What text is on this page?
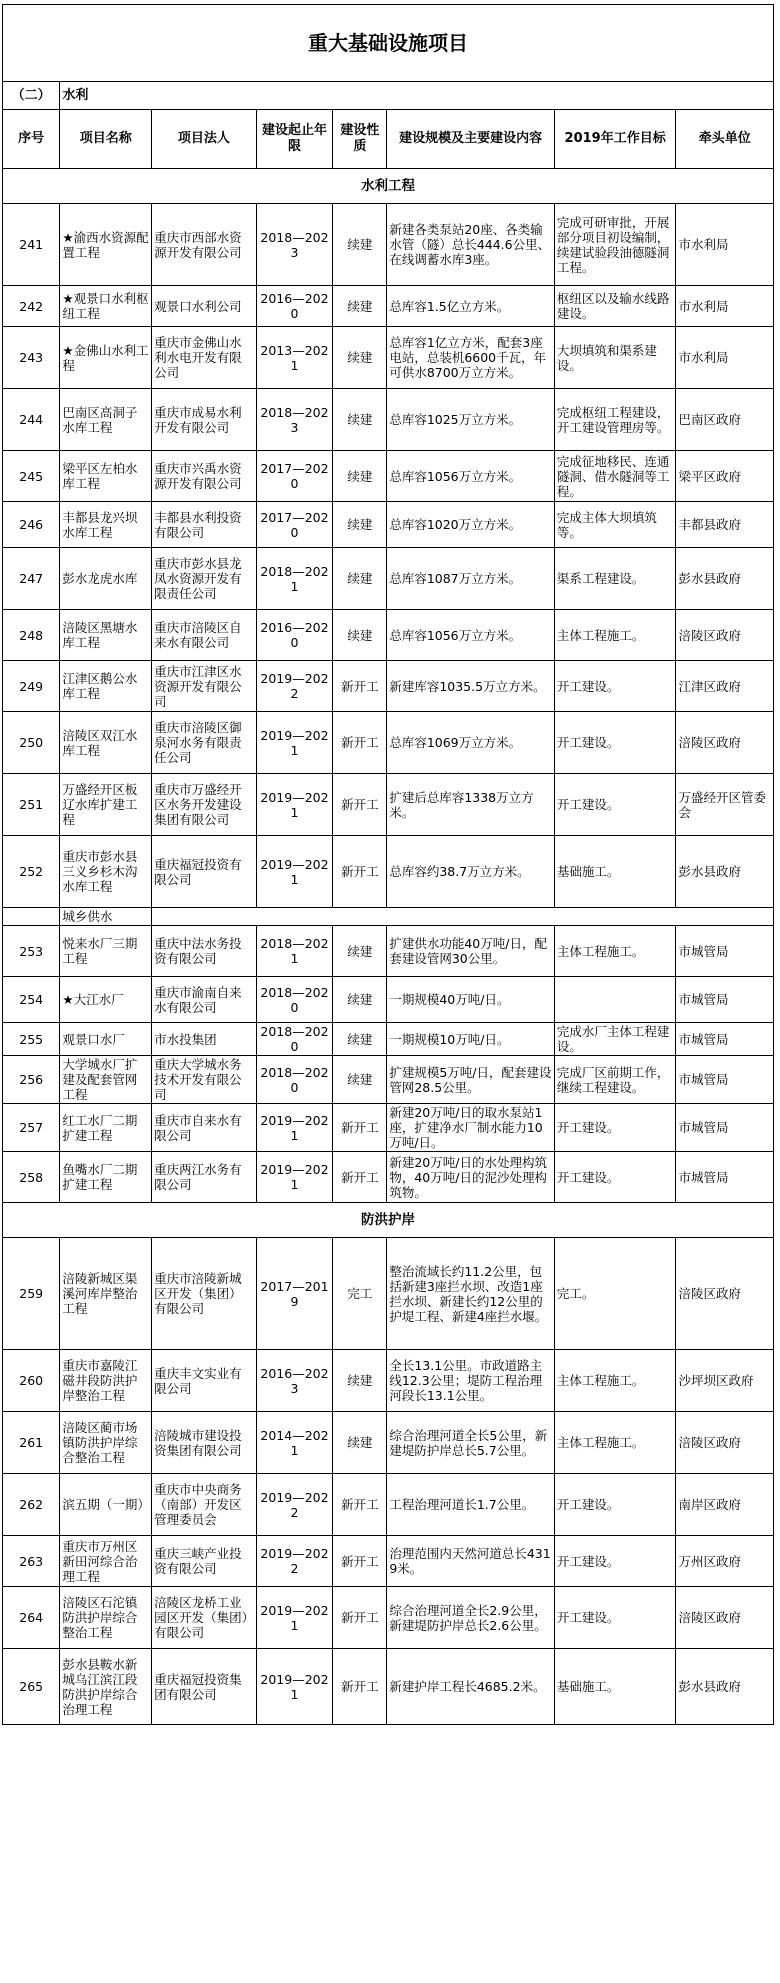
重大基础设施项目							
（二）	水利						
序号	项目名称	项目法人	建设起止年限	建设性质	建设规模及主要建设内容	2019年工作目标	牵头单位
水利工程							
241	★渝西水资源配置工程	重庆市西部水资源开发有限公司	2018—2023	续建	新建各类泵站20座、各类输水管（隧）总长444.6公里、在线调蓄水库3座。	完成可研审批，开展部分项目初设编制，续建试验段油德隧洞工程。	市水利局
242	★观景口水利枢纽工程	观景口水利公司	2016—2020	续建	总库容1.5亿立方米。	枢纽区以及输水线路建设。	市水利局
243	★金佛山水利工程	重庆市金佛山水利水电开发有限公司	2013—2021	续建	总库容1亿立方米，配套3座电站，总装机6600千瓦，年可供水8700万立方米。	大坝填筑和渠系建设。	市水利局
244	巴南区高洞子水库工程	重庆市成易水利开发有限公司	2018—2023	续建	总库容1025万立方米。	完成枢纽工程建设，开工建设管理房等。	巴南区政府
245	梁平区左柏水库工程	重庆市兴禹水资源开发有限公司	2017—2020	续建	总库容1056万立方米。	完成征地移民、连通隧洞、借水隧洞等工程。	梁平区政府
246	丰都县龙兴坝水库工程	丰都县水利投资有限公司	2017—2020	续建	总库容1020万立方米。	完成主体大坝填筑等。	丰都县政府
247	彭水龙虎水库	重庆市彭水县龙凤水资源开发有限责任公司	2018—2021	续建	总库容1087万立方米。	渠系工程建设。	彭水县政府
248	涪陵区黑塘水库工程	重庆市涪陵区自来水有限公司	2016—2020	续建	总库容1056万立方米。	主体工程施工。	涪陵区政府
249	江津区鹅公水库工程	重庆市江津区水资源开发有限公司	2019—2022	新开工	新建库容1035.5万立方米。	开工建设。	江津区政府
250	涪陵区双江水库工程	重庆市涪陵区御泉河水务有限责任公司	2019—2021	新开工	总库容1069万立方米。	开工建设。	涪陵区政府
251	万盛经开区板辽水库扩建工程	重庆市万盛经开区水务开发建设集团有限公司	2019—2021	新开工	扩建后总库容1338万立方米。	开工建设。	万盛经开区管委会
252	重庆市彭水县三义乡杉木沟水库工程	重庆福冠投资有限公司	2019—2021	新开工	总库容约38.7万立方米。	基础施工。	彭水县政府
	城乡供水						
253	悦来水厂三期工程	重庆中法水务投资有限公司	2018—2021	续建	扩建供水功能40万吨/日，配套建设管网30公里。	主体工程施工。	市城管局
254	★大江水厂	重庆市渝南自来水有限公司	2018—2020	续建	一期规模40万吨/日。		市城管局
255	观景口水厂	市水投集团	2018—2020	续建	一期规模10万吨/日。	完成水厂主体工程建设。	市城管局
256	大学城水厂扩建及配套管网工程	重庆大学城水务技术开发有限公司	2018—2020	续建	扩建规模5万吨/日，配套建设管网28.5公里。	完成厂区前期工作，继续工程建设。	市城管局
257	红工水厂二期扩建工程	重庆市自来水有限公司	2019—2021	新开工	新建20万吨/日的取水泵站1座，扩建净水厂制水能力10万吨/日。	开工建设。	市城管局
258	鱼嘴水厂二期扩建工程	重庆两江水务有限公司	2019—2021	新开工	新建20万吨/日的水处理构筑物，40万吨/日的泥沙处理构筑物。	开工建设。	市城管局
防洪护岸							
259	涪陵新城区渠溪河库岸整治工程	重庆市涪陵新城区开发（集团）有限公司	2017—2019	完工	整治流域长约11.2公里，包括新建3座拦水坝、改造1座拦水坝、新建长约12公里的护堤工程、新建4座拦水堰。	完工。	涪陵区政府
260	重庆市嘉陵江磁井段防洪护岸整治工程	重庆丰文实业有限公司	2016—2023	续建	全长13.1公里。市政道路主线12.3公里；堤防工程治理河段长13.1公里。	主体工程施工。	沙坪坝区政府
261	涪陵区蔺市场镇防洪护岸综合整治工程	涪陵城市建设投资集团有限公司	2014—2021	续建	综合治理河道全长5公里，新建堤防护岸总长5.7公里。	主体工程施工。	涪陵区政府
262	滨五期（一期）	重庆市中央商务（南部）开发区管理委员会	2019—2022	新开工	工程治理河道长1.7公里。	开工建设。	南岸区政府
263	重庆市万州区新田河综合治理工程	重庆三峡产业投资有限公司	2019—2022	新开工	治理范围内天然河道总长4319米。	开工建设。	万州区政府
264	涪陵区石沱镇防洪护岸综合整治工程	涪陵区龙桥工业园区开发（集团）有限公司	2019—2021	新开工	综合治理河道全长2.9公里，新建堤防护岸总长2.6公里。	开工建设。	涪陵区政府
265	彭水县鞍水新城乌江滨江段防洪护岸综合治理工程	重庆福冠投资集团有限公司	2019—2021	新开工	新建护岸工程长4685.2米。	基础施工。	彭水县政府
